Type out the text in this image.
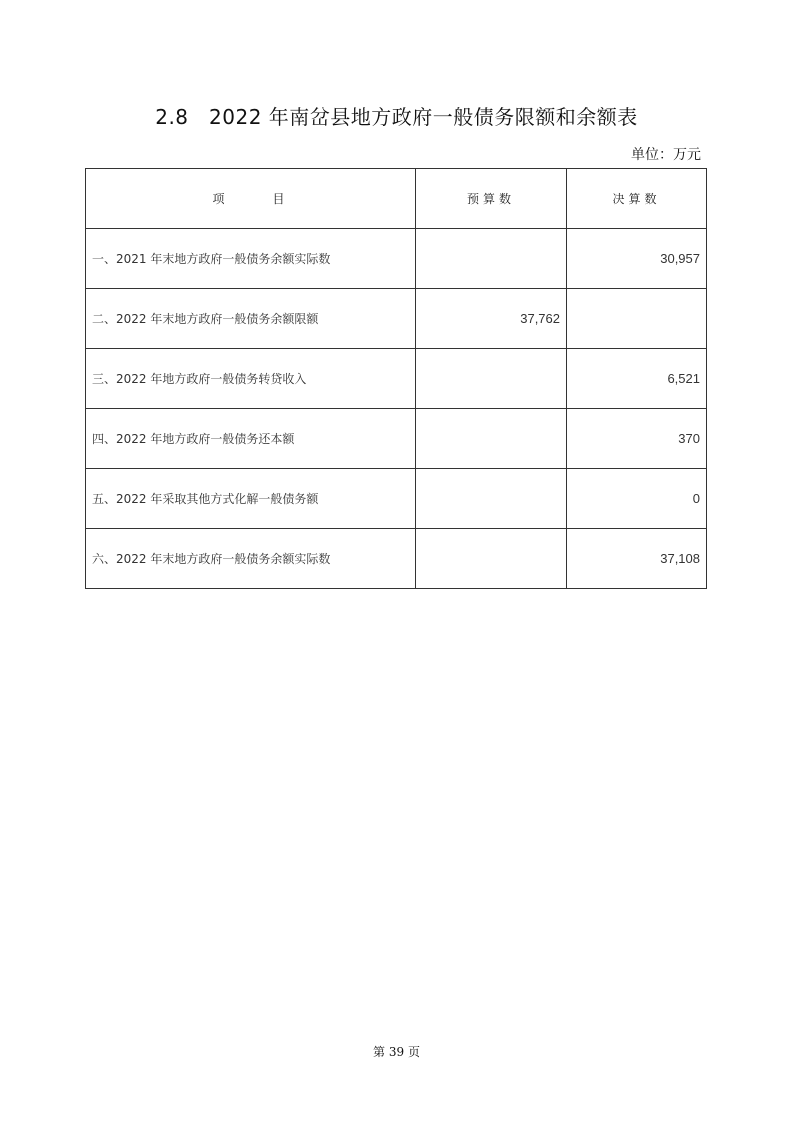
2.8　2022 年南岔县地方政府一般债务限额和余额表
单位：万元
项 目	预算数	决算数
一、2021 年末地方政府一般债务余额实际数		30,957
二、2022 年末地方政府一般债务余额限额	37,762	
三、2022 年地方政府一般债务转贷收入		6,521
四、2022 年地方政府一般债务还本额		370
五、2022 年采取其他方式化解一般债务额		0
六、2022 年末地方政府一般债务余额实际数		37,108
第 39 页
